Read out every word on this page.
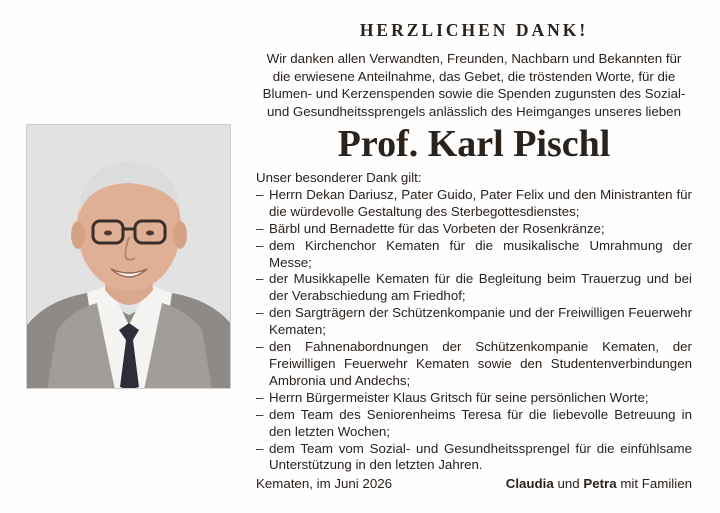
HERZLICHEN DANK!
Wir danken allen Verwandten, Freunden, Nachbarn und Bekannten für die erwiesene Anteilnahme, das Gebet, die tröstenden Worte, für die Blumen- und Kerzenspenden sowie die Spenden zugunsten des Sozial- und Gesundheitssprengels anlässlich des Heimganges unseres lieben
Prof. Karl Pischl
Unser besonderer Dank gilt:
– Herrn Dekan Dariusz, Pater Guido, Pater Felix und den Ministranten für die würdevolle Gestaltung des Sterbegottesdienstes;
– Bärbl und Bernadette für das Vorbeten der Rosenkränze;
– dem Kirchenchor Kematen für die musikalische Umrahmung der Messe;
– der Musikkapelle Kematen für die Begleitung beim Trauerzug und bei der Verabschiedung am Friedhof;
– den Sargträgern der Schützenkompanie und der Freiwilligen Feuerwehr Kematen;
– den Fahnenabordnungen der Schützenkompanie Kematen, der Freiwilligen Feuerwehr Kematen sowie den Studentenverbindungen Ambronia und Andechs;
– Herrn Bürgermeister Klaus Gritsch für seine persönlichen Worte;
– dem Team des Seniorenheims Teresa für die liebevolle Betreuung in den letzten Wochen;
– dem Team vom Sozial- und Gesundheitssprengel für die einfühlsame Unterstützung in den letzten Jahren.
Kematen, im Juni 2026	Claudia und Petra mit Familien
